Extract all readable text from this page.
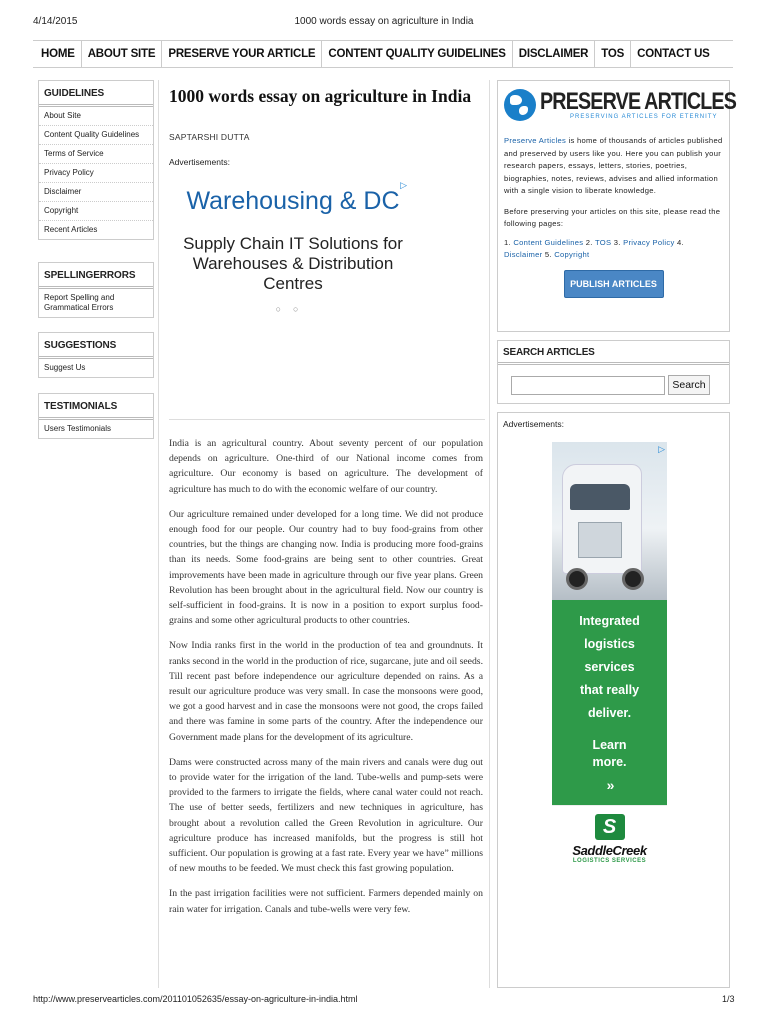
4/14/2015	1000 words essay on agriculture in India
HOME	ABOUT SITE	PRESERVE YOUR ARTICLE	CONTENT QUALITY GUIDELINES	DISCLAIMER	TOS	CONTACT US
GUIDELINES
About Site
Content Quality Guidelines
Terms of Service
Privacy Policy
Disclaimer
Copyright
Recent Articles
SPELLINGERRORS
Report Spelling and Grammatical Errors
SUGGESTIONS
Suggest Us
TESTIMONIALS
Users Testimonials
1000 words essay on agriculture in India
SAPTARSHI DUTTA
Advertisements:
▷
Warehousing & DC
Supply Chain IT Solutions for Warehouses & Distribution Centres
○○

India is an agricultural country. About seventy percent of our population depends on agriculture. One-third of our National income comes from agriculture. Our economy is based on agriculture. The development of agriculture has much to do with the economic welfare of our country.

Our agriculture remained under developed for a long time. We did not produce enough food for our people. Our country had to buy food-grains from other countries, but the things are changing now. India is producing more food-grains than its needs. Some food-grains are being sent to other countries. Great improvements have been made in agriculture through our five year plans. Green Revolution has been brought about in the agricultural field. Now our country is self-sufficient in food-grains. It is now in a position to export surplus food-grains and some other agricultural products to other countries.

Now India ranks first in the world in the production of tea and groundnuts. It ranks second in the world in the production of rice, sugarcane, jute and oil seeds. Till recent past before independence our agriculture depended on rains. As a result our agriculture produce was very small. In case the monsoons were good, we got a good harvest and in case the monsoons were not good, the crops failed and there was famine in some parts of the country. After the independence our Government made plans for the development of its agriculture.

Dams were constructed across many of the main rivers and canals were dug out to provide water for the irrigation of the land. Tube-wells and pump-sets were provided to the farmers to irrigate the fields, where canal water could not reach. The use of better seeds, fertilizers and new techniques in agriculture, has brought about a revolution called the Green Revolution in agriculture. Our agriculture produce has increased manifolds, but the progress is still hot sufficient. Our population is growing at a fast rate. Every year we have” millions of new mouths to be feeded. We must check this fast growing population.

In the past irrigation facilities were not sufficient. Farmers depended mainly on rain water for irrigation. Canals and tube-wells were very few.

PRESERVE ARTICLES
PRESERVING ARTICLES FOR ETERNITY

Preserve Articles is home of thousands of articles published and preserved by users like you. Here you can publish your research papers, essays, letters, stories, poetries, biographies, notes, reviews, advises and allied information with a single vision to liberate knowledge.

Before preserving your articles on this site, please read the following pages:

1. Content Guidelines 2. TOS 3. Privacy Policy 4. Disclaimer 5. Copyright

PUBLISH ARTICLES
SEARCH ARTICLES
Search
Advertisements:
▷
Integrated
logistics
services
that really
deliver.
Learn
more.
»
S
SaddleCreek
LOGISTICS SERVICES
http://www.preservearticles.com/201101052635/essay-on-agriculture-in-india.html	1/3
